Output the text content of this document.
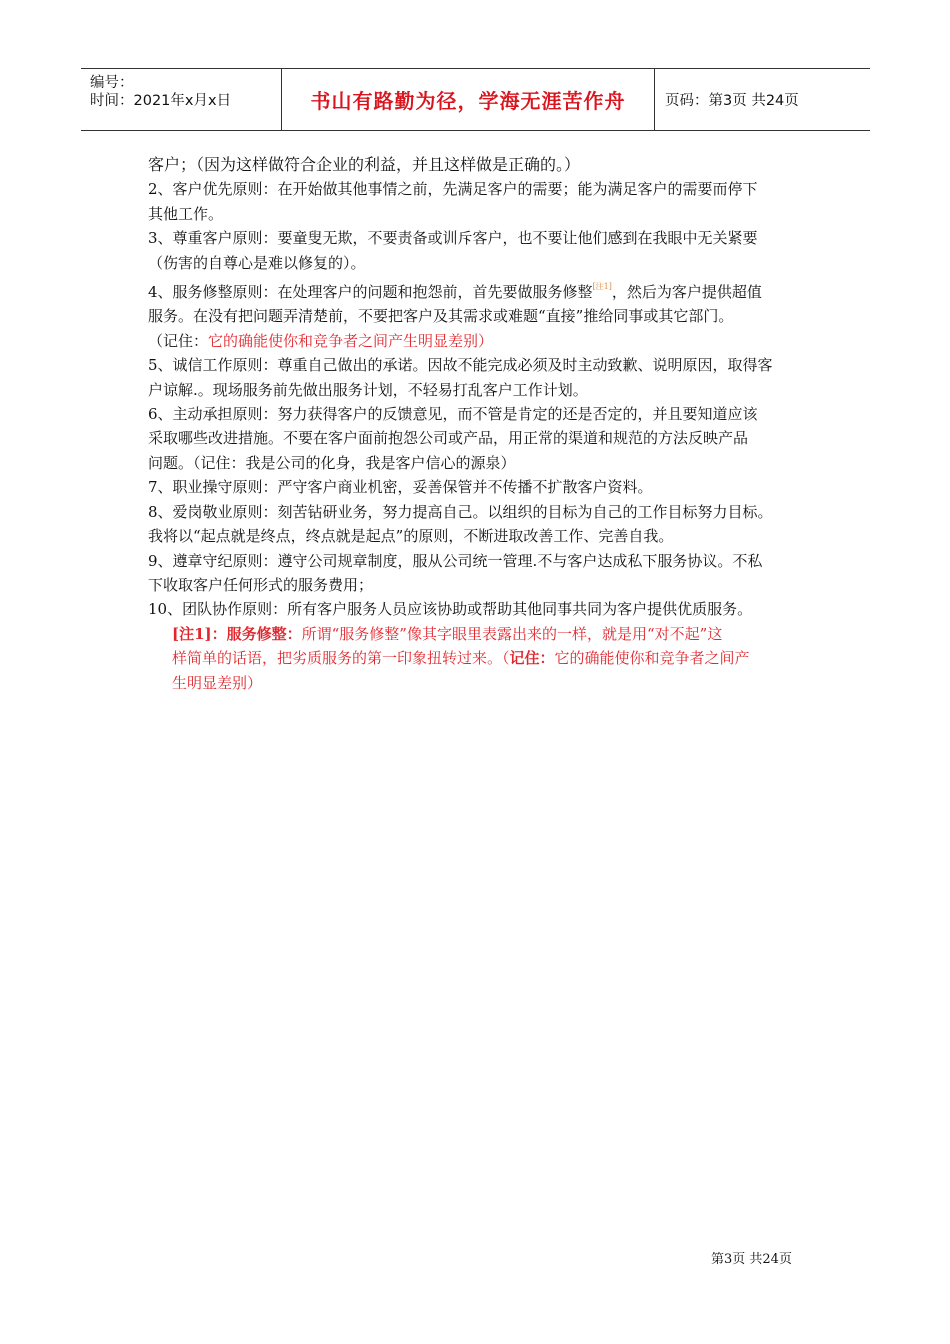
编号：
时间：2021年x月x日	书山有路勤为径，学海无涯苦作舟	页码：第3页 共24页
客户；（因为这样做符合企业的利益，并且这样做是正确的。）
2、客户优先原则：在开始做其他事情之前，先满足客户的需要；能为满足客户的需要而停下
其他工作。
3、尊重客户原则：要童叟无欺，不要责备或训斥客户，也不要让他们感到在我眼中无关紧要
（伤害的自尊心是难以修复的）。
4、服务修整原则：在处理客户的问题和抱怨前，首先要做服务修整[注1]，然后为客户提供超值
服务。在没有把问题弄清楚前，不要把客户及其需求或难题“直接”推给同事或其它部门。
（记住：它的确能使你和竞争者之间产生明显差别）
5、诚信工作原则：尊重自己做出的承诺。因故不能完成必须及时主动致歉、说明原因，取得客
户谅解.。现场服务前先做出服务计划，不轻易打乱客户工作计划。
6、主动承担原则：努力获得客户的反馈意见，而不管是肯定的还是否定的，并且要知道应该
采取哪些改进措施。不要在客户面前抱怨公司或产品，用正常的渠道和规范的方法反映产品
问题。（记住：我是公司的化身，我是客户信心的源泉）
7、职业操守原则：严守客户商业机密，妥善保管并不传播不扩散客户资料。
8、爱岗敬业原则：刻苦钻研业务，努力提高自己。以组织的目标为自己的工作目标努力目标。
我将以“起点就是终点，终点就是起点”的原则，不断进取改善工作、完善自我。
9、遵章守纪原则：遵守公司规章制度，服从公司统一管理.不与客户达成私下服务协议。不私
下收取客户任何形式的服务费用；
10、团队协作原则：所有客户服务人员应该协助或帮助其他同事共同为客户提供优质服务。
[注1]：服务修整：所谓“服务修整”像其字眼里表露出来的一样，就是用“对不起”这
样简单的话语，把劣质服务的第一印象扭转过来。（记住：它的确能使你和竞争者之间产
生明显差别）
第3页 共24页
